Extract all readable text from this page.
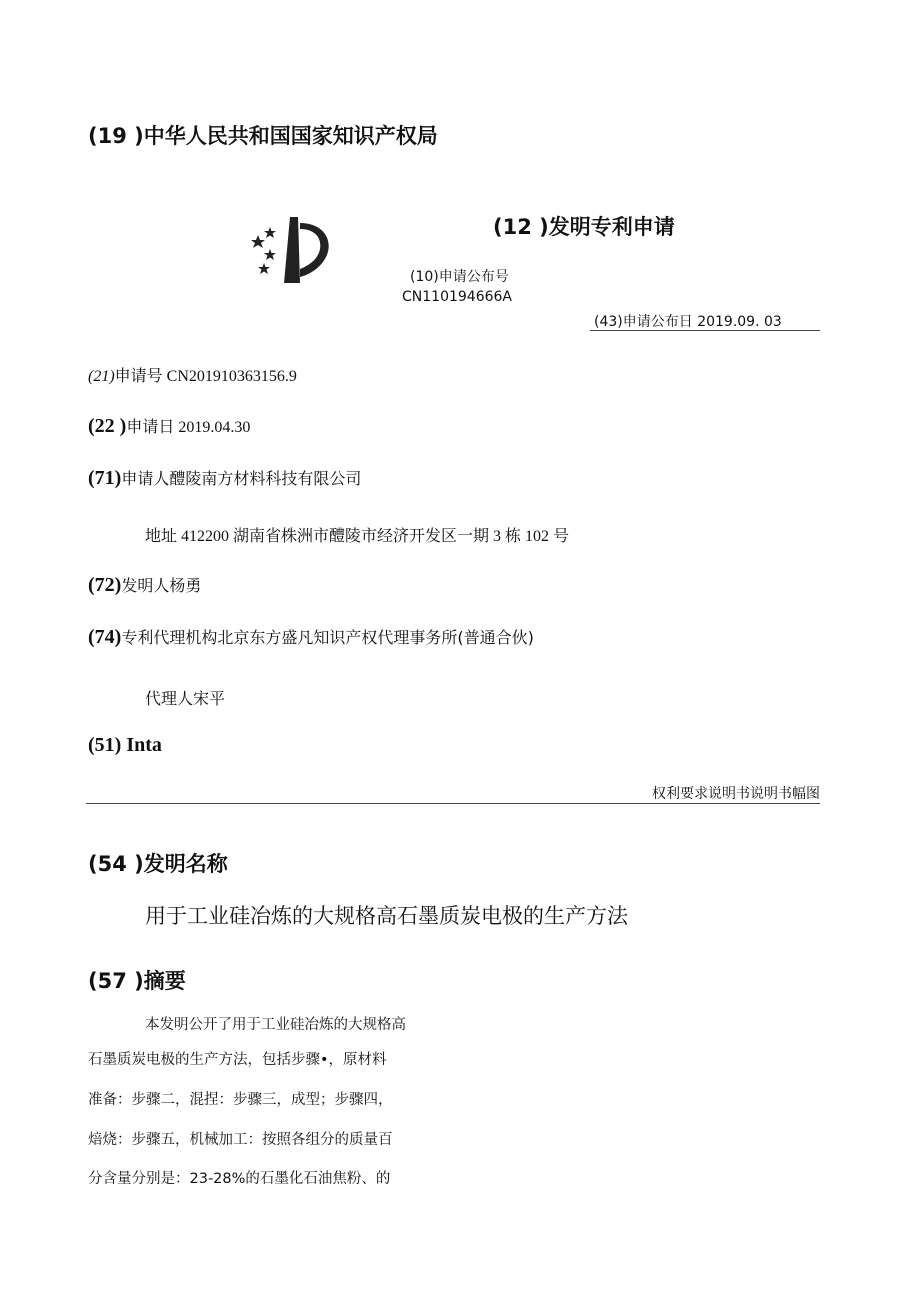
(19 )中华人民共和国国家知识产权局
(12 )发明专利申请
(10)申请公布号
CN110194666A
(43)申请公布日 2019.09. 03
(21)申请号 CN201910363156.9
(22 )申请日 2019.04.30
(71)申请人醴陵南方材料科技有限公司
地址 412200 湖南省株洲市醴陵市经济开发区一期 3 栋 102 号
(72)发明人杨勇
(74)专利代理机构北京东方盛凡知识产权代理事务所(普通合伙)
代理人宋平
(51) Inta
权利要求说明书说明书幅图
(54 )发明名称
用于工业硅冶炼的大规格高石墨质炭电极的生产方法
(57 )摘要
本发明公开了用于工业硅冶炼的大规格高
石墨质炭电极的生产方法，包括步骤•，原材料
准备：步骤二，混捏：步骤三，成型；步骤四，
焙烧：步骤五，机械加工：按照各组分的质量百
分含量分别是：23-28%的石墨化石油焦粉、的
